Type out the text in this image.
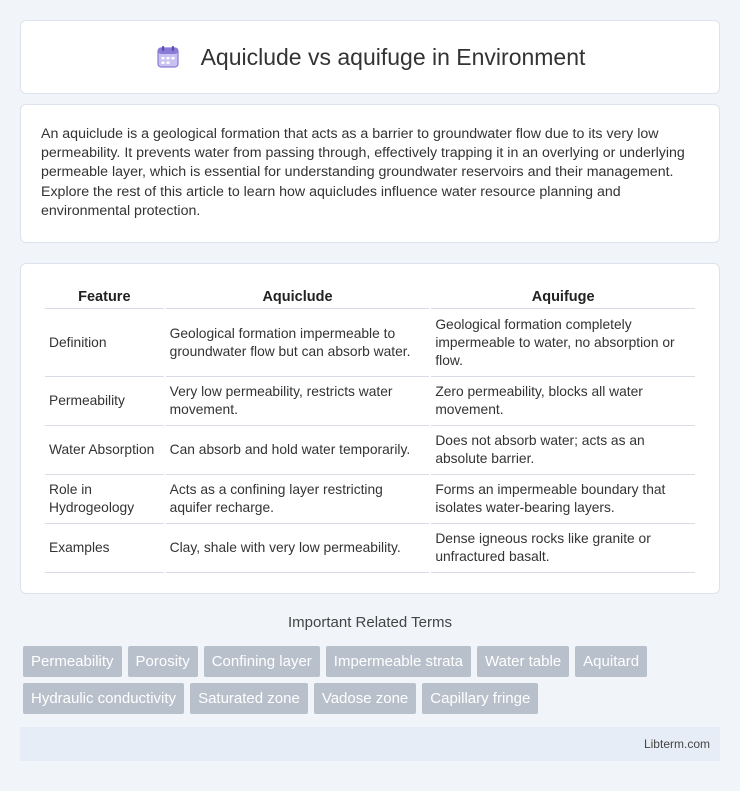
Aquiclude vs aquifuge in Environment

An aquiclude is a geological formation that acts as a barrier to groundwater flow due to its very low permeability. It prevents water from passing through, effectively trapping it in an overlying or underlying permeable layer, which is essential for understanding groundwater reservoirs and their management. Explore the rest of this article to learn how aquicludes influence water resource planning and environmental protection.

Feature	Aquiclude	Aquifuge
Definition	Geological formation impermeable to groundwater flow but can absorb water.	Geological formation completely impermeable to water, no absorption or flow.
Permeability	Very low permeability, restricts water movement.	Zero permeability, blocks all water movement.
Water Absorption	Can absorb and hold water temporarily.	Does not absorb water; acts as an absolute barrier.
Role in Hydrogeology	Acts as a confining layer restricting aquifer recharge.	Forms an impermeable boundary that isolates water-bearing layers.
Examples	Clay, shale with very low permeability.	Dense igneous rocks like granite or unfractured basalt.
Important Related Terms
Permeability	Porosity	Confining layer	Impermeable strata	Water table	Aquitard
Hydraulic conductivity	Saturated zone	Vadose zone	Capillary fringe
Libterm.com
